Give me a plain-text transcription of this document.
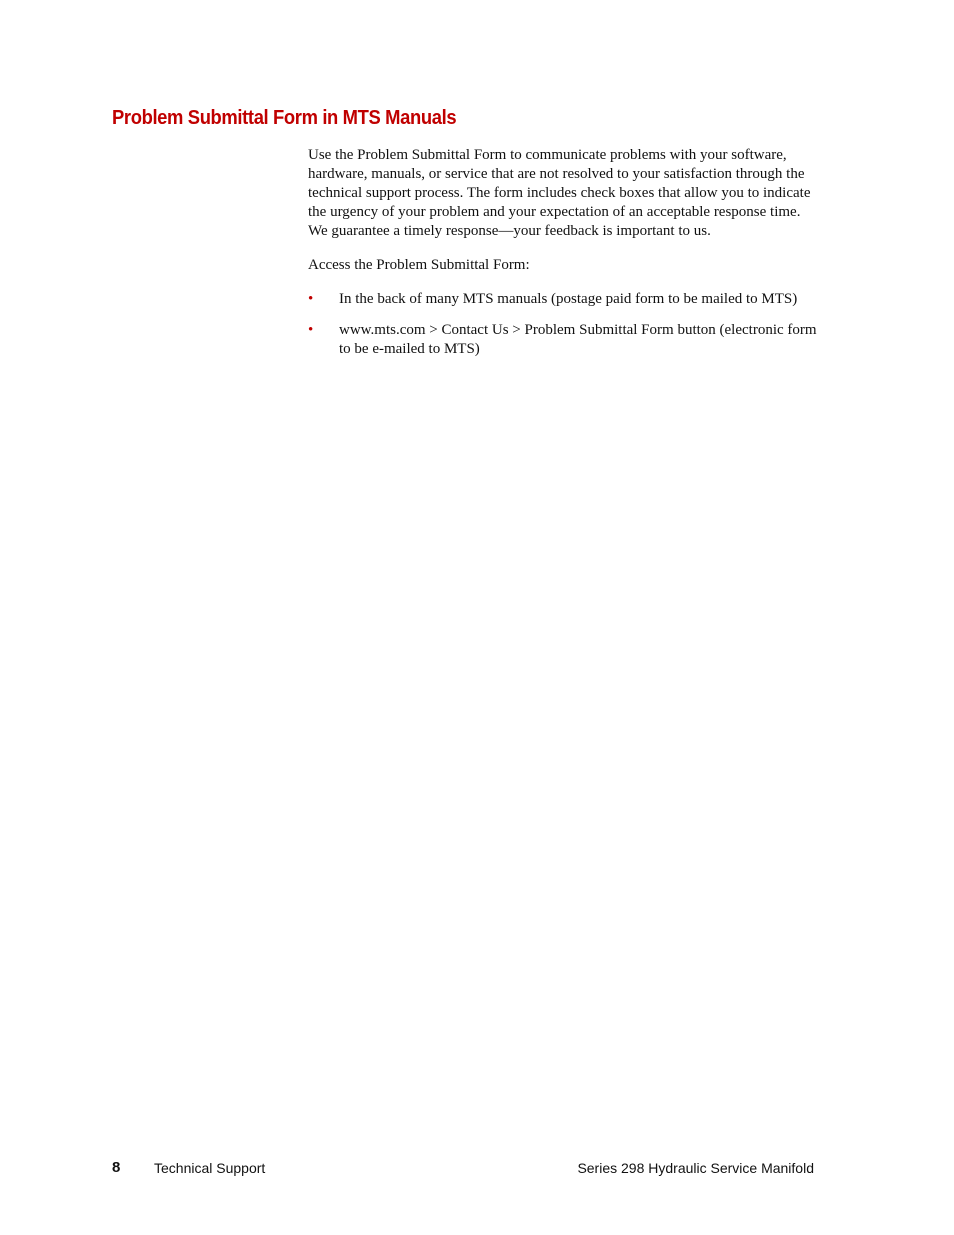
Problem Submittal Form in MTS Manuals

Use the Problem Submittal Form to communicate problems with your software, hardware, manuals, or service that are not resolved to your satisfaction through the technical support process. The form includes check boxes that allow you to indicate the urgency of your problem and your expectation of an acceptable response time. We guarantee a timely response—your feedback is important to us.

Access the Problem Submittal Form:

• In the back of many MTS manuals (postage paid form to be mailed to MTS)
• www.mts.com > Contact Us > Problem Submittal Form button (electronic form to be e-mailed to MTS)
8 Technical Support	Series 298 Hydraulic Service Manifold
